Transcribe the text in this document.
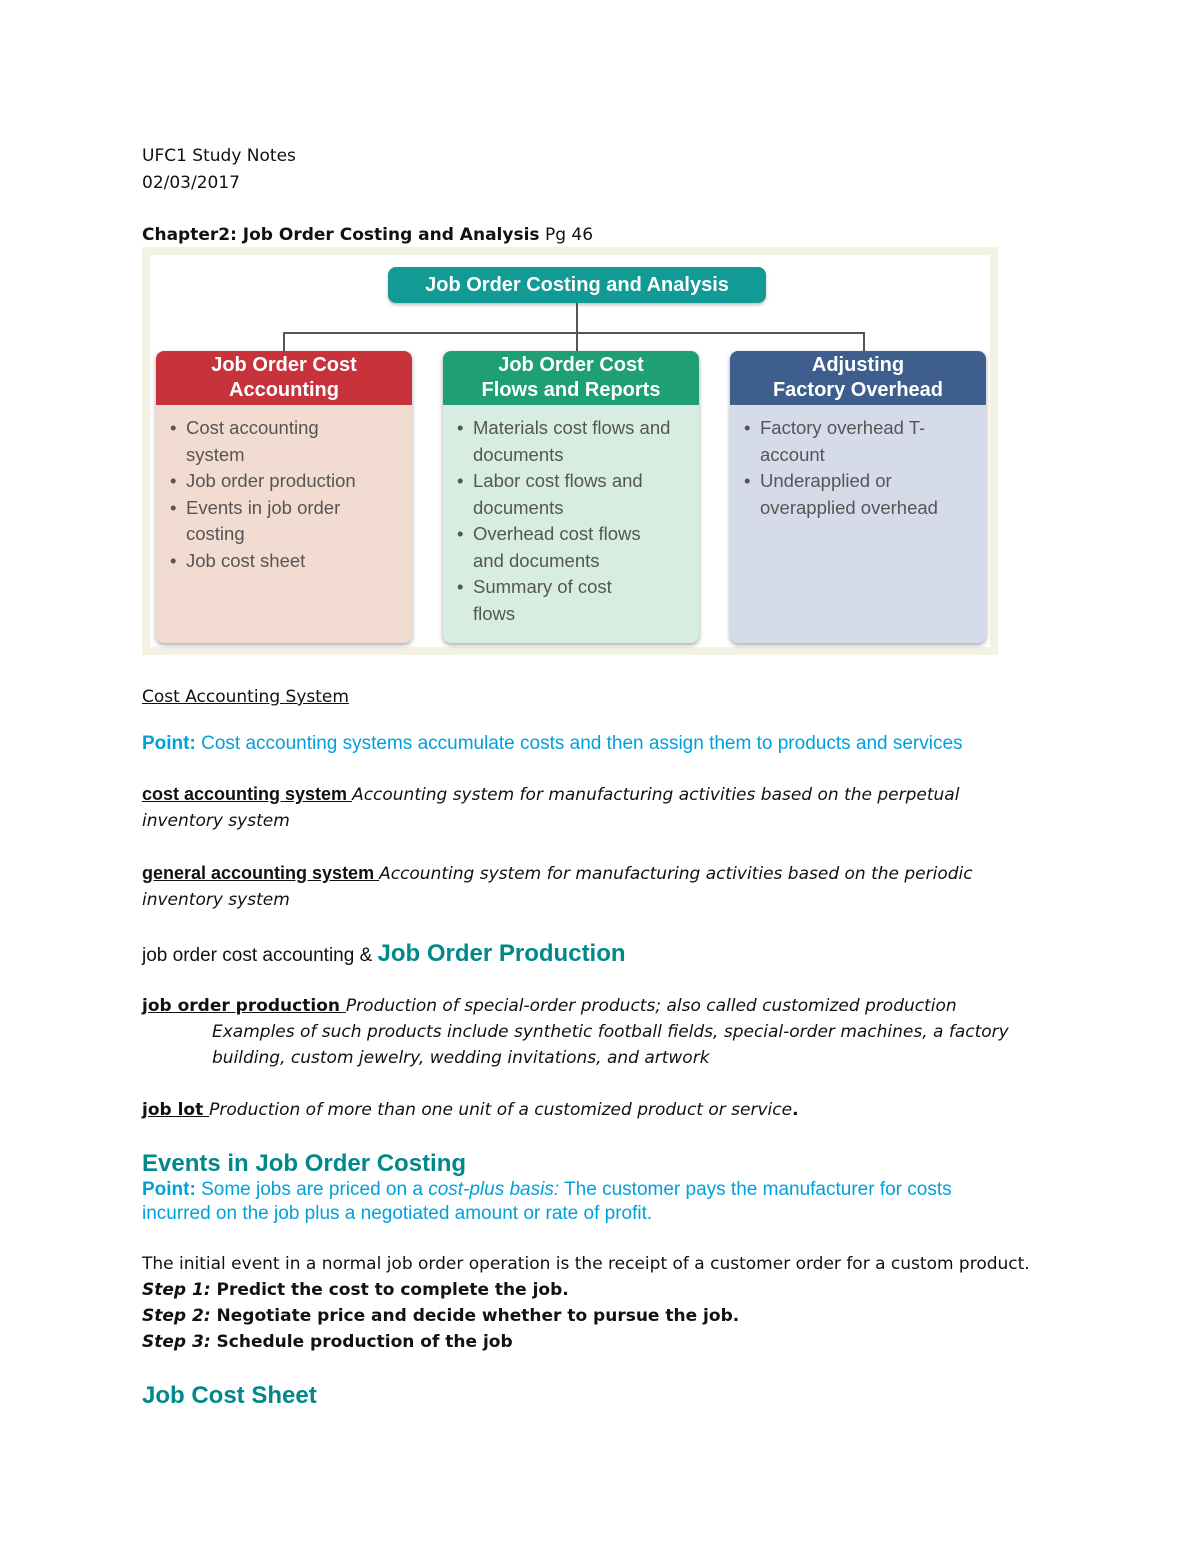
UFC1 Study Notes
02/03/2017
Chapter2: Job Order Costing and Analysis Pg 46
Job Order Costing and Analysis
Job Order Cost
Accounting
• Cost accounting system
• Job order production
• Events in job order costing
• Job cost sheet
Job Order Cost
Flows and Reports
• Materials cost flows and documents
• Labor cost flows and documents
• Overhead cost flows and documents
• Summary of cost flows
Adjusting
Factory Overhead
• Factory overhead T-account
• Underapplied or overapplied overhead
Cost Accounting System
Point: Cost accounting systems accumulate costs and then assign them to products and services
cost accounting system Accounting system for manufacturing activities based on the perpetual
inventory system
general accounting system Accounting system for manufacturing activities based on the periodic
inventory system
job order cost accounting & Job Order Production
job order production Production of special-order products; also called customized production
Examples of such products include synthetic football fields, special-order machines, a factory
building, custom jewelry, wedding invitations, and artwork
job lot Production of more than one unit of a customized product or service.
Events in Job Order Costing
Point: Some jobs are priced on a cost-plus basis: The customer pays the manufacturer for costs
incurred on the job plus a negotiated amount or rate of profit.
The initial event in a normal job order operation is the receipt of a customer order for a custom product.
Step 1: Predict the cost to complete the job.
Step 2: Negotiate price and decide whether to pursue the job.
Step 3: Schedule production of the job
Job Cost Sheet
